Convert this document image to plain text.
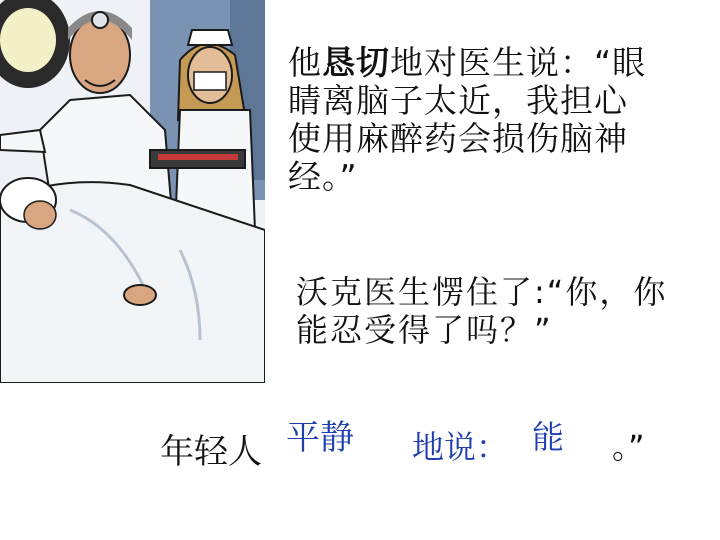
他恳切地对医生说：“眼
睛离脑子太近，我担心
使用麻醉药会损伤脑神
经。”
沃克医生愣住了:“你，你
能忍受得了吗？”
年轻人 平静 地说： 能 。”
